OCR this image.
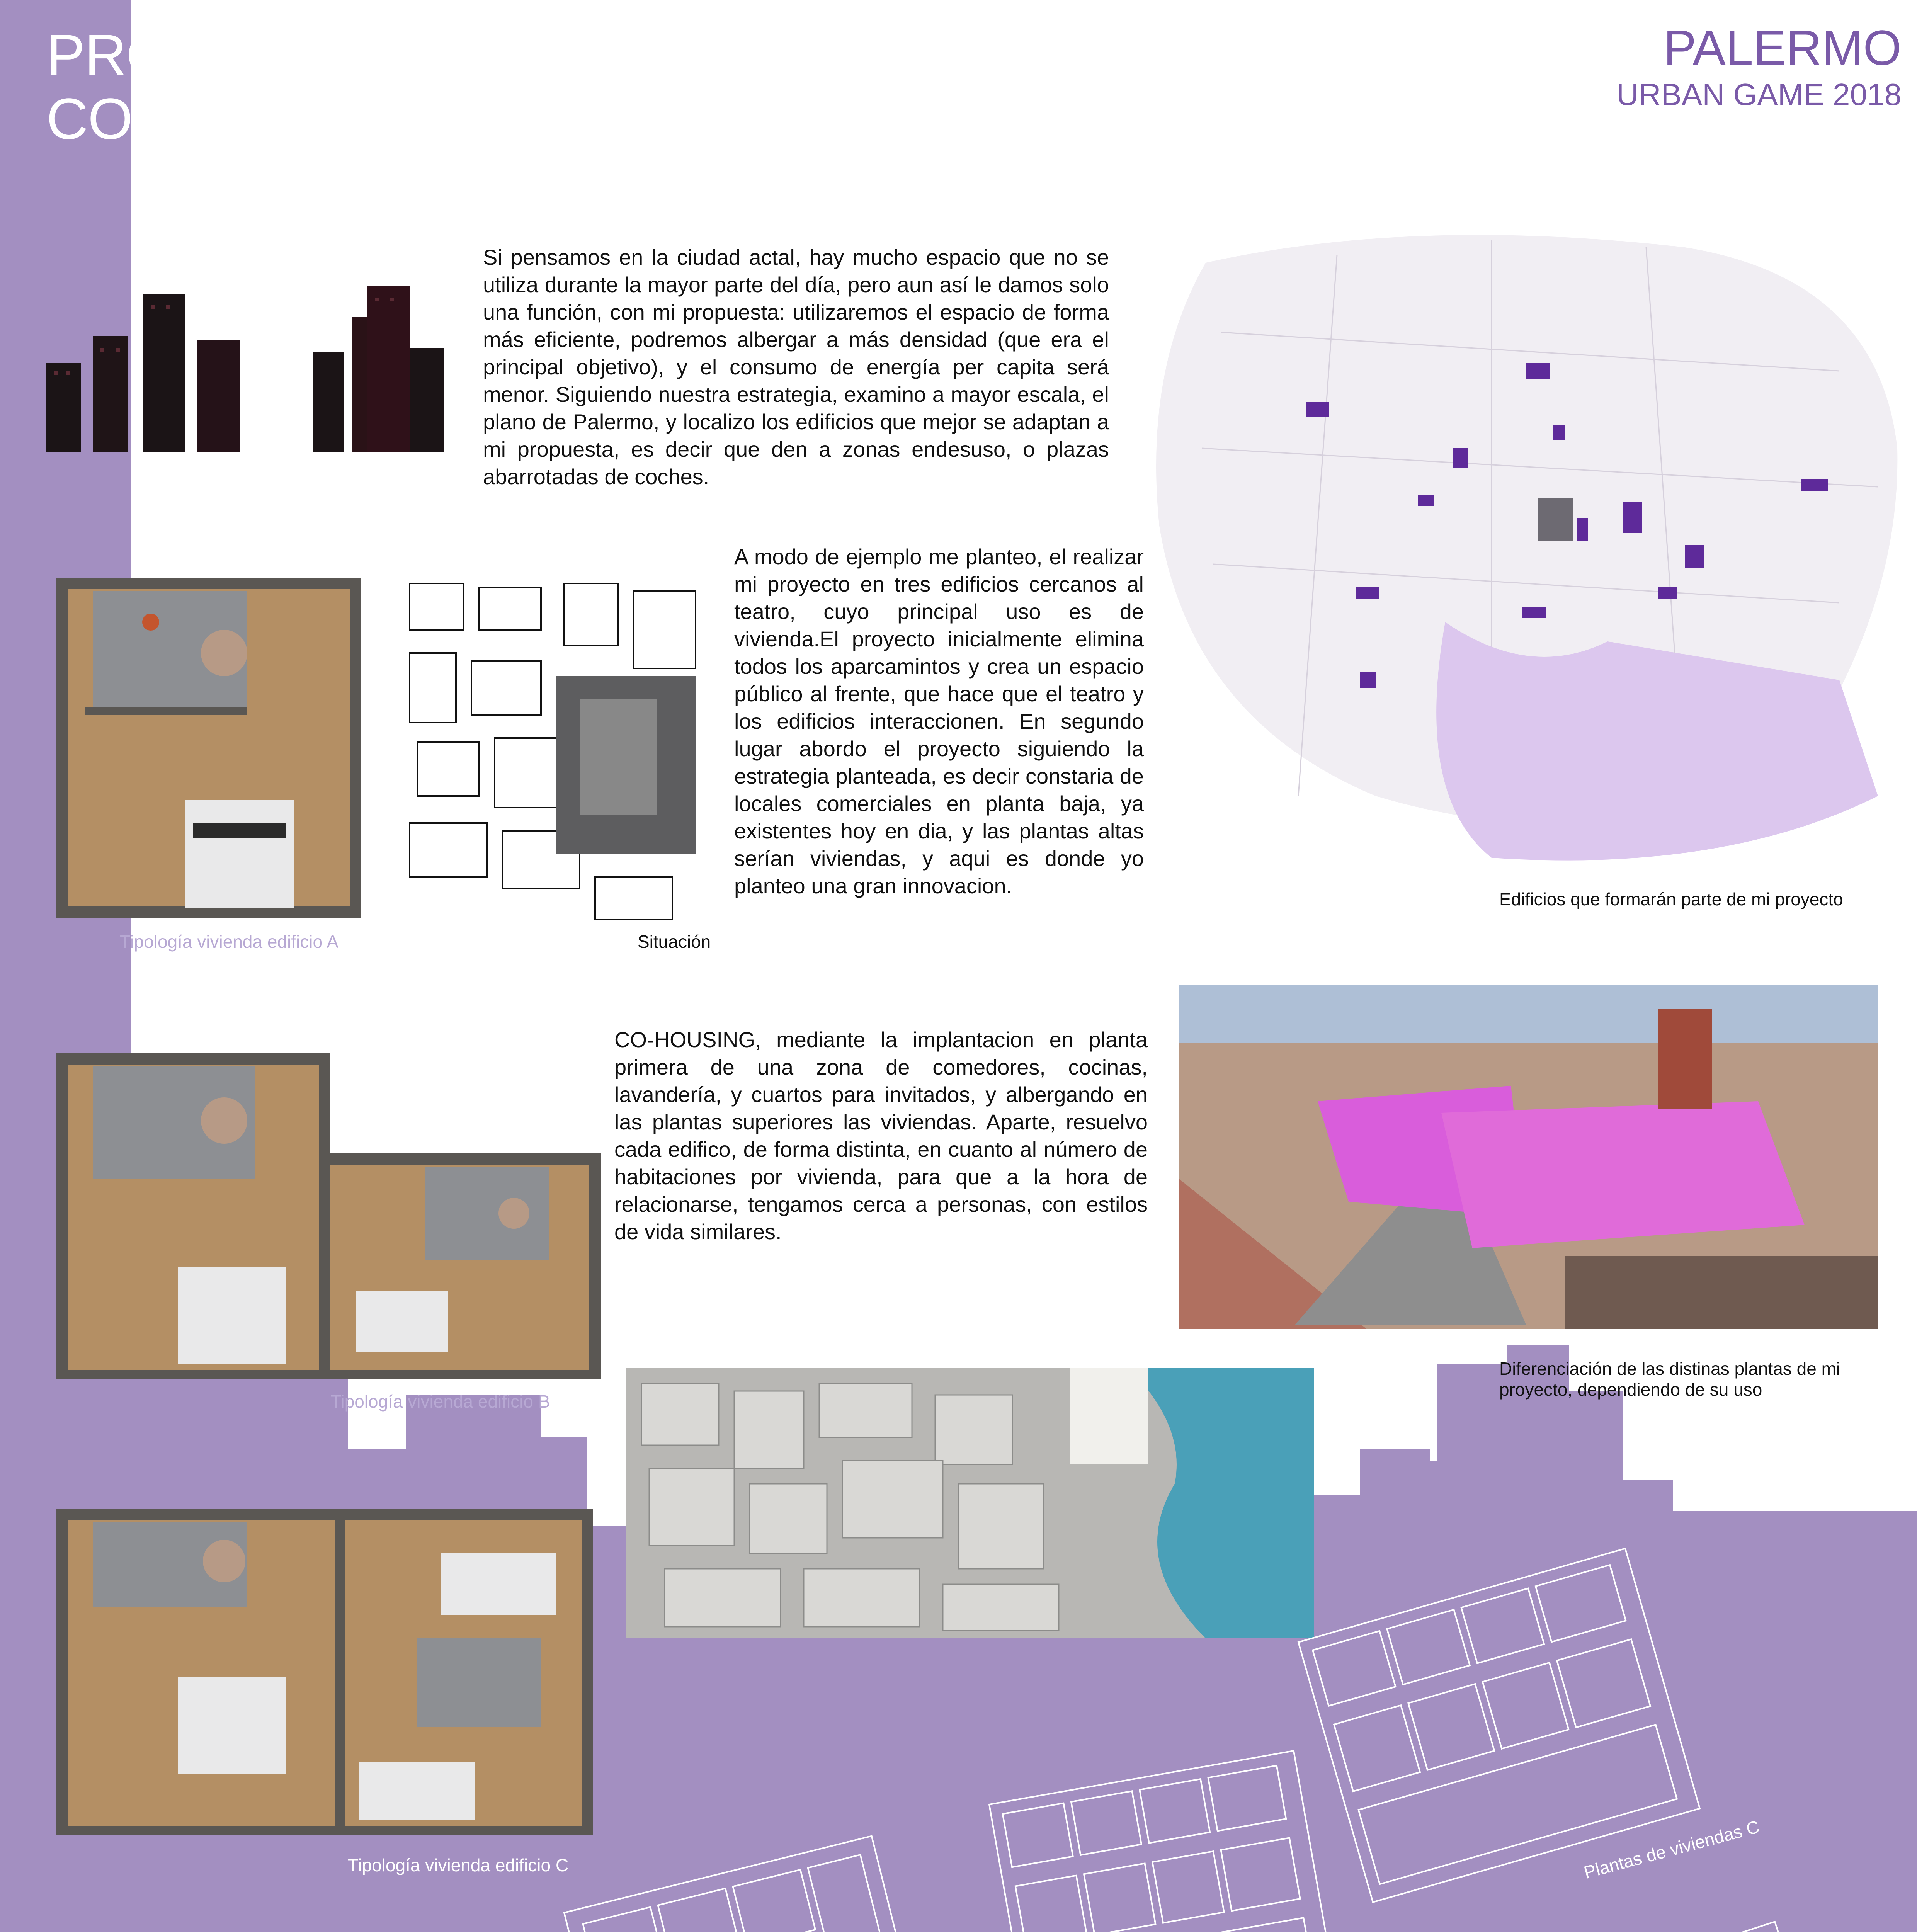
PROYECTO.PALERMO
CO-HOUSING
PALERMO
URBAN GAME 2018
Si pensamos en la ciudad actal, hay mucho espacio que no se utiliza durante la mayor parte del día, pero aun así le damos solo una función, con mi propuesta: utilizaremos el espacio de forma más eficiente, podremos albergar a más densidad (que era el principal objetivo), y el consumo de energía per capita será menor. Siguiendo nuestra estrategia, examino a mayor escala, el plano de Palermo, y localizo los edificios que mejor se adaptan a mi propuesta, es decir que den a zonas endesuso, o plazas abarrotadas de coches.
Edificios que formarán parte de mi proyecto
Tipología vivienda edificio A	Situación
A modo de ejemplo me planteo, el realizar mi proyecto en tres edificios cercanos al teatro, cuyo principal uso es de vivienda.El proyecto inicialmente elimina todos los aparcamintos y crea un espacio público al frente, que hace que el teatro y los edificios interaccionen. En segundo lugar abordo el proyecto siguiendo la estrategia planteada, es decir constaria de locales comerciales en planta baja, ya existentes hoy en dia, y las plantas altas serían viviendas, y aqui es donde yo planteo una gran innovacion.
CO-HOUSING, mediante la implantacion en planta primera de una zona de comedores, cocinas, lavandería, y cuartos para invitados, y albergando en las plantas superiores las viviendas. Aparte, resuelvo cada edifico, de forma distinta, en cuanto al número de habitaciones por vivienda, para que a la hora de relacionarse, tengamos cerca a personas, con estilos de vida similares.
Diferenciación de las distinas plantas de mi proyecto, dependiendo de su uso
Tipología vivienda edificio B
Tipología vivienda edificio C	Plantas de viviendas C
